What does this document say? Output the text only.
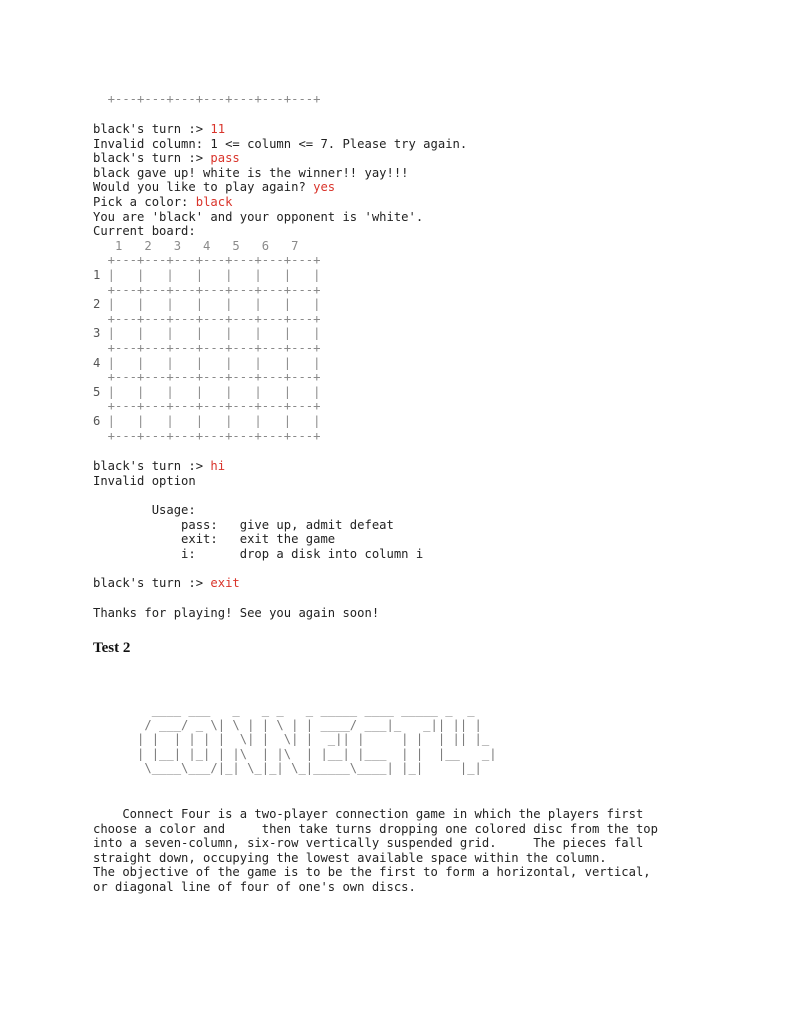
+---+---+---+---+---+---+---+
black's turn :> 11
Invalid column: 1 <= column <= 7. Please try again.
black's turn :> pass
black gave up! white is the winner!! yay!!!
Would you like to play again? yes
Pick a color: black
You are 'black' and your opponent is 'white'.
Current board:
1   2   3   4   5   6   7
+---+---+---+---+---+---+---+
1 |   |   |   |   |   |   |   |
+---+---+---+---+---+---+---+
2 |   |   |   |   |   |   |   |
+---+---+---+---+---+---+---+
3 |   |   |   |   |   |   |   |
+---+---+---+---+---+---+---+
4 |   |   |   |   |   |   |   |
+---+---+---+---+---+---+---+
5 |   |   |   |   |   |   |   |
+---+---+---+---+---+---+---+
6 |   |   |   |   |   |   |   |
+---+---+---+---+---+---+---+
black's turn :> hi
Invalid option
Usage:
pass:   give up, admit defeat
exit:   exit the game
i:      drop a disk into column i
black's turn :> exit
Thanks for playing! See you again soon!
Test 2
____ ___   _   _ _   _ _____ ____ _____ _  _
/ ___/ _ \| \ | | \ | | ____/ ___|_   _|| || |
| |  | | | |  \| |  \| |  _|| |     | |  | || |_
| |__| |_| | |\  | |\  | |__| |___  | |  |__   _|
\____\___/|_| \_|_| \_|_____\____| |_|     |_|
Connect Four is a two-player connection game in which the players first
choose a color and     then take turns dropping one colored disc from the top
into a seven-column, six-row vertically suspended grid.     The pieces fall
straight down, occupying the lowest available space within the column.
The objective of the game is to be the first to form a horizontal, vertical,
or diagonal line of four of one's own discs.
